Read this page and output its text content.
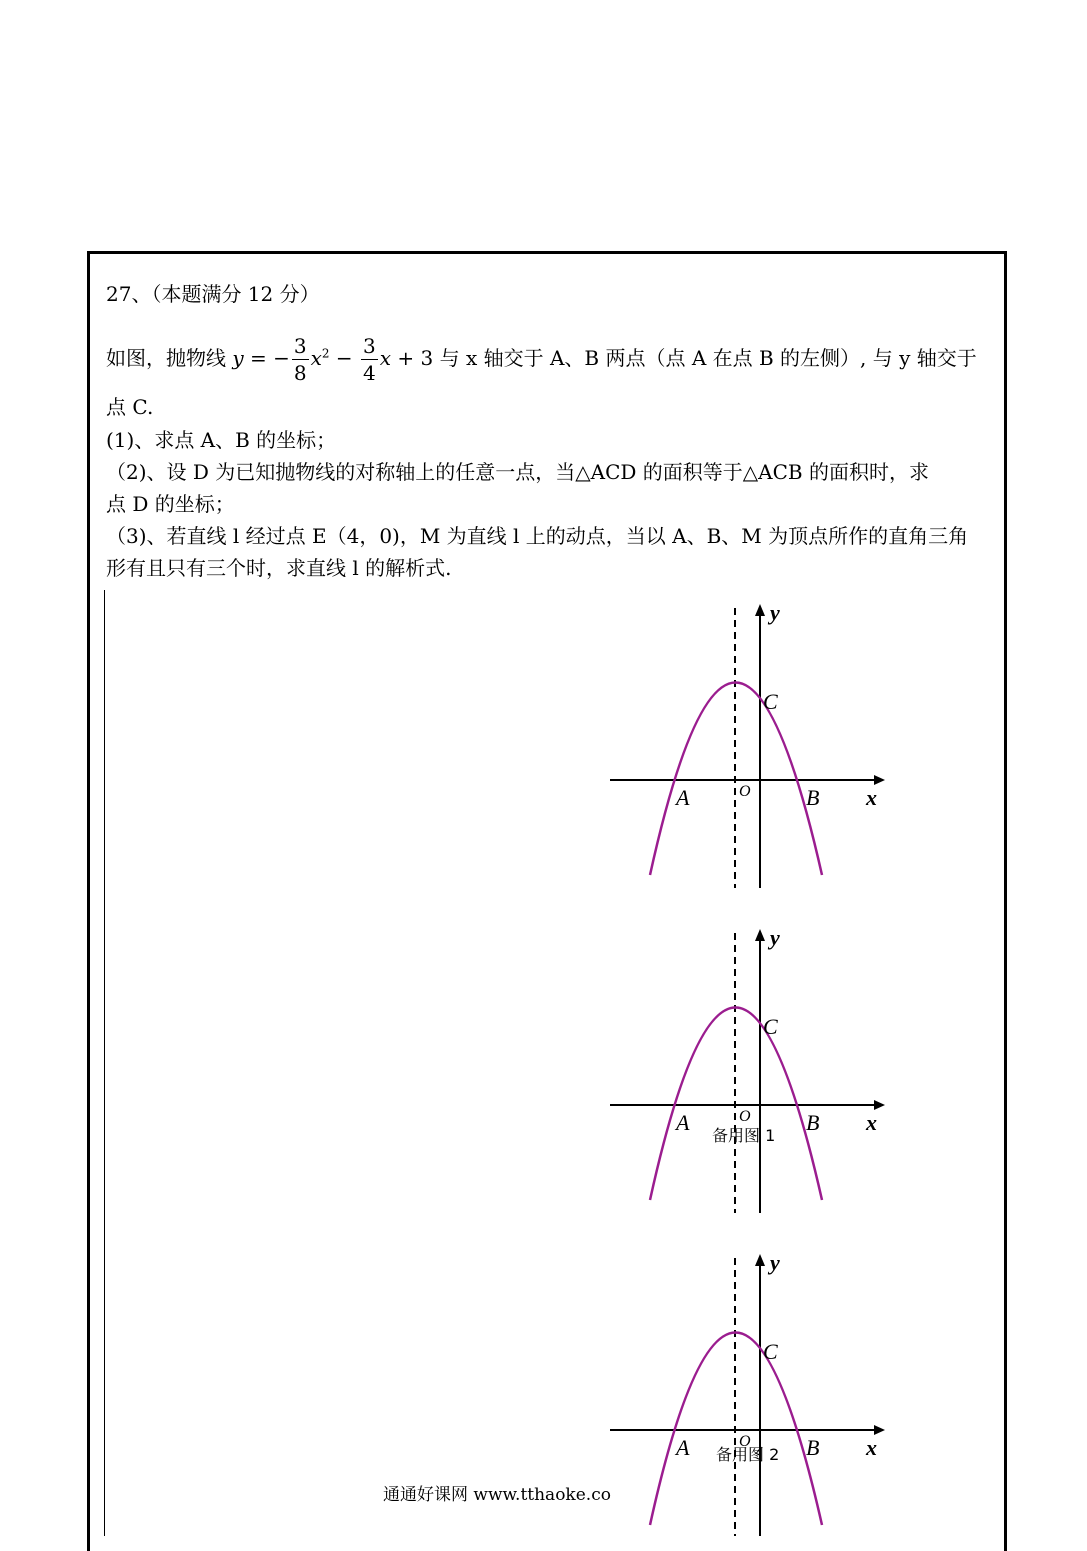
27、（本题满分 12 分）
如图，抛物线 y = − $\frac{3}{8} x^2 - \frac{3}{4}$ x + 3 与 x 轴交于 A、B 两点（点 A 在点 B 的左侧）, 与 y 轴交于
点 C.
(1)、求点 A、B 的坐标；
（2)、设 D 为已知抛物线的对称轴上的任意一点，当△ACD 的面积等于△ACB 的面积时，求
点 D 的坐标；
（3)、若直线 l 经过点 E（4，0)，M 为直线 l 上的动点，当以 A、B、M 为顶点所作的直角三角
形有且只有三个时，求直线 l 的解析式.
y
C
A	O	B x
y
C
A	O	B x
备用图 1
y
C
A	O	B x
备用图 2
通通好课网 www.tthaoke.co
